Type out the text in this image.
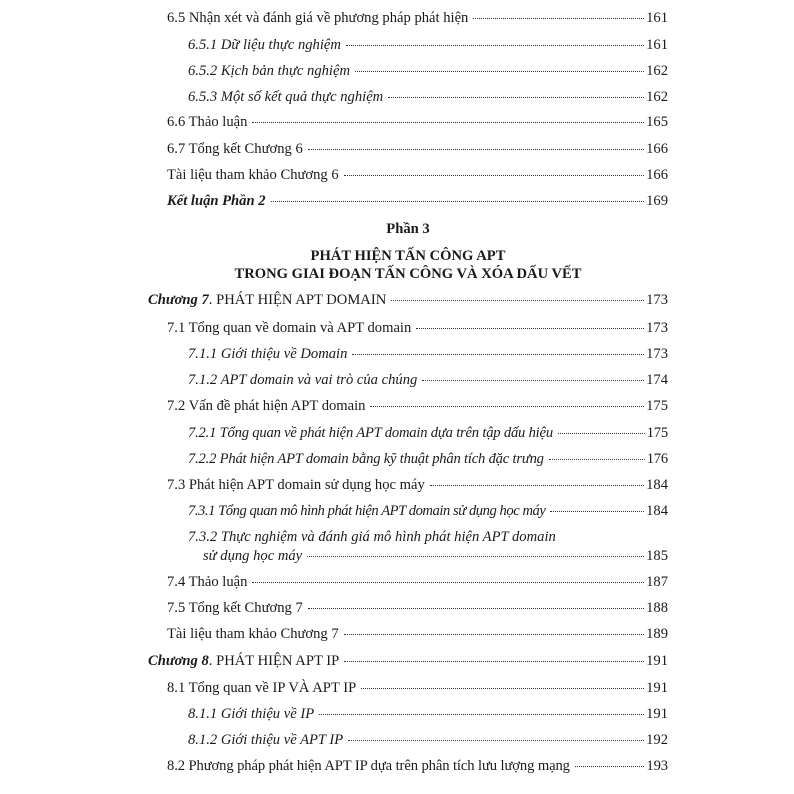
6.5 Nhận xét và đánh giá về phương pháp phát hiện	161
6.5.1 Dữ liệu thực nghiệm	161
6.5.2 Kịch bản thực nghiệm	162
6.5.3 Một số kết quả thực nghiệm	162
6.6 Thảo luận	165
6.7 Tổng kết Chương 6	166
Tài liệu tham khảo Chương 6	166
Kết luận Phần 2	169
Phần 3
PHÁT HIỆN TẤN CÔNG APT
TRONG GIAI ĐOẠN TẤN CÔNG VÀ XÓA DẤU VẾT
Chương 7. PHÁT HIỆN APT DOMAIN	173
7.1 Tổng quan về domain và APT domain	173
7.1.1 Giới thiệu về Domain	173
7.1.2 APT domain và vai trò của chúng	174
7.2 Vấn đề phát hiện APT domain	175
7.2.1 Tổng quan về phát hiện APT domain dựa trên tập dấu hiệu	175
7.2.2 Phát hiện APT domain bằng kỹ thuật phân tích đặc trưng	176
7.3 Phát hiện APT domain sử dụng học máy	184
7.3.1 Tổng quan mô hình phát hiện APT domain sử dụng học máy	184
7.3.2 Thực nghiệm và đánh giá mô hình phát hiện APT domain
sử dụng học máy	185
7.4 Thảo luận	187
7.5 Tổng kết Chương 7	188
Tài liệu tham khảo Chương 7	189
Chương 8. PHÁT HIỆN APT IP	191
8.1 Tổng quan về IP VÀ APT IP	191
8.1.1 Giới thiệu về IP	191
8.1.2 Giới thiệu về APT IP	192
8.2 Phương pháp phát hiện APT IP dựa trên phân tích lưu lượng mạng	193
